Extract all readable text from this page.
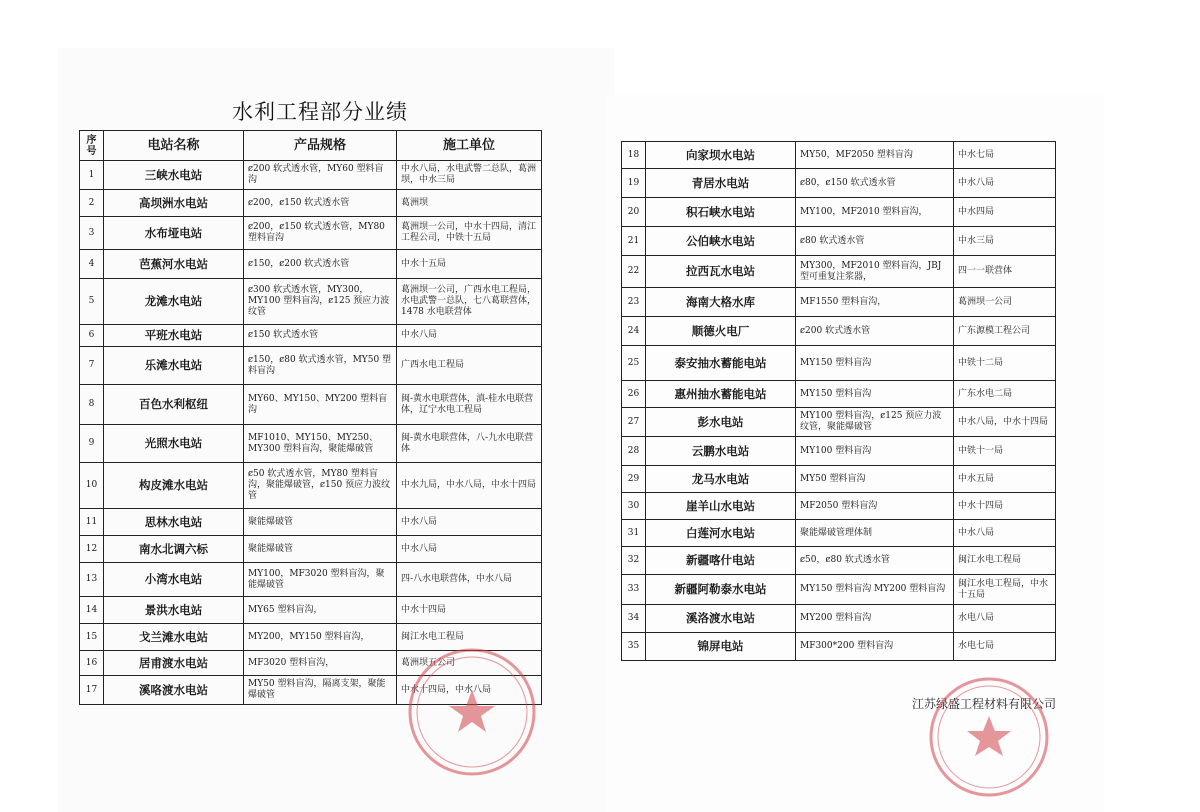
水利工程部分业绩
序号	电站名称	产品规格	施工单位
1	三峡水电站	ȼ200 软式透水管，MY60 塑料盲沟	中水八局，水电武警二总队，葛洲坝，中水三局
2	高坝洲水电站	ȼ200，ȼ150 软式透水管	葛洲坝
3	水布垭电站	ȼ200，ȼ150 软式透水管，MY80 塑料盲沟	葛洲坝一公司，中水十四局，清江工程公司，中铁十五局
4	芭蕉河水电站	ȼ150，ȼ200 软式透水管	中水十五局
5	龙滩水电站	ȼ300 软式透水管，MY300，MY100 塑料盲沟，ȼ125 预应力波纹管	葛洲坝一公司，广西水电工程局，水电武警一总队，七八葛联营体，1478 水电联营体
6	平班水电站	ȼ150 软式透水管	中水八局
7	乐滩水电站	ȼ150，ȼ80 软式透水管，MY50 塑料盲沟	广西水电工程局
8	百色水利枢纽	MY60、MY150、MY200 塑料盲沟	闽-黄水电联营体，滇-桂水电联营体，辽宁水电工程局
9	光照水电站	MF1010、MY150、MY250、MY300 塑料盲沟，聚能爆破管	闽-黄水电联营体，八-九水电联营体
10	构皮滩水电站	ȼ50 软式透水管，MY80 塑料盲沟，聚能爆破管，ȼ150 预应力波纹管	中水九局，中水八局，中水十四局
11	思林水电站	聚能爆破管	中水八局
12	南水北调六标	聚能爆破管	中水八局
13	小湾水电站	MY100，MF3020 塑料盲沟，聚能爆破管	四-八水电联营体，中水八局
14	景洪水电站	MY65 塑料盲沟，	中水十四局
15	戈兰滩水电站	MY200，MY150 塑料盲沟，	闽江水电工程局
16	居甫渡水电站	MF3020 塑料盲沟，	葛洲坝五公司
17	溪咯渡水电站	MY50 塑料盲沟，隔离支架，聚能爆破管	中水十四局，中水八局
18	向家坝水电站	MY50，MF2050 塑料盲沟	中水七局
19	青居水电站	ȼ80，ȼ150 软式透水管	中水八局
20	积石峡水电站	MY100，MF2010 塑料盲沟，	中水四局
21	公伯峡水电站	ȼ80 软式透水管	中水三局
22	拉西瓦水电站	MY300，MF2010 塑料盲沟，JBJ 型可重复注浆器，	四一一联营体
23	海南大格水库	MF1550 塑料盲沟，	葛洲坝一公司
24	顺德火电厂	ȼ200 软式透水管	广东源模工程公司
25	泰安抽水蓄能电站	MY150 塑料盲沟	中铁十二局
26	惠州抽水蓄能电站	MY150 塑料盲沟	广东水电二局
27	彭水电站	MY100 塑料盲沟，ȼ125 预应力波纹管，聚能爆破管	中水八局，中水十四局
28	云鹏水电站	MY100 塑料盲沟	中铁十一局
29	龙马水电站	MY50 塑料盲沟	中水五局
30	崖羊山水电站	MF2050 塑料盲沟	中水十四局
31	白莲河水电站	聚能爆破管理体制	中水八局
32	新疆喀什电站	ȼ50，ȼ80 软式透水管	闽江水电工程局
33	新疆阿勒泰水电站	MY150 塑料盲沟 MY200 塑料盲沟	闽江水电工程局，中水十五局
34	溪洛渡水电站	MY200 塑料盲沟	水电八局
35	锦屏电站	MF300*200 塑料盲沟	水电七局
江苏绿盛工程材料有限公司
